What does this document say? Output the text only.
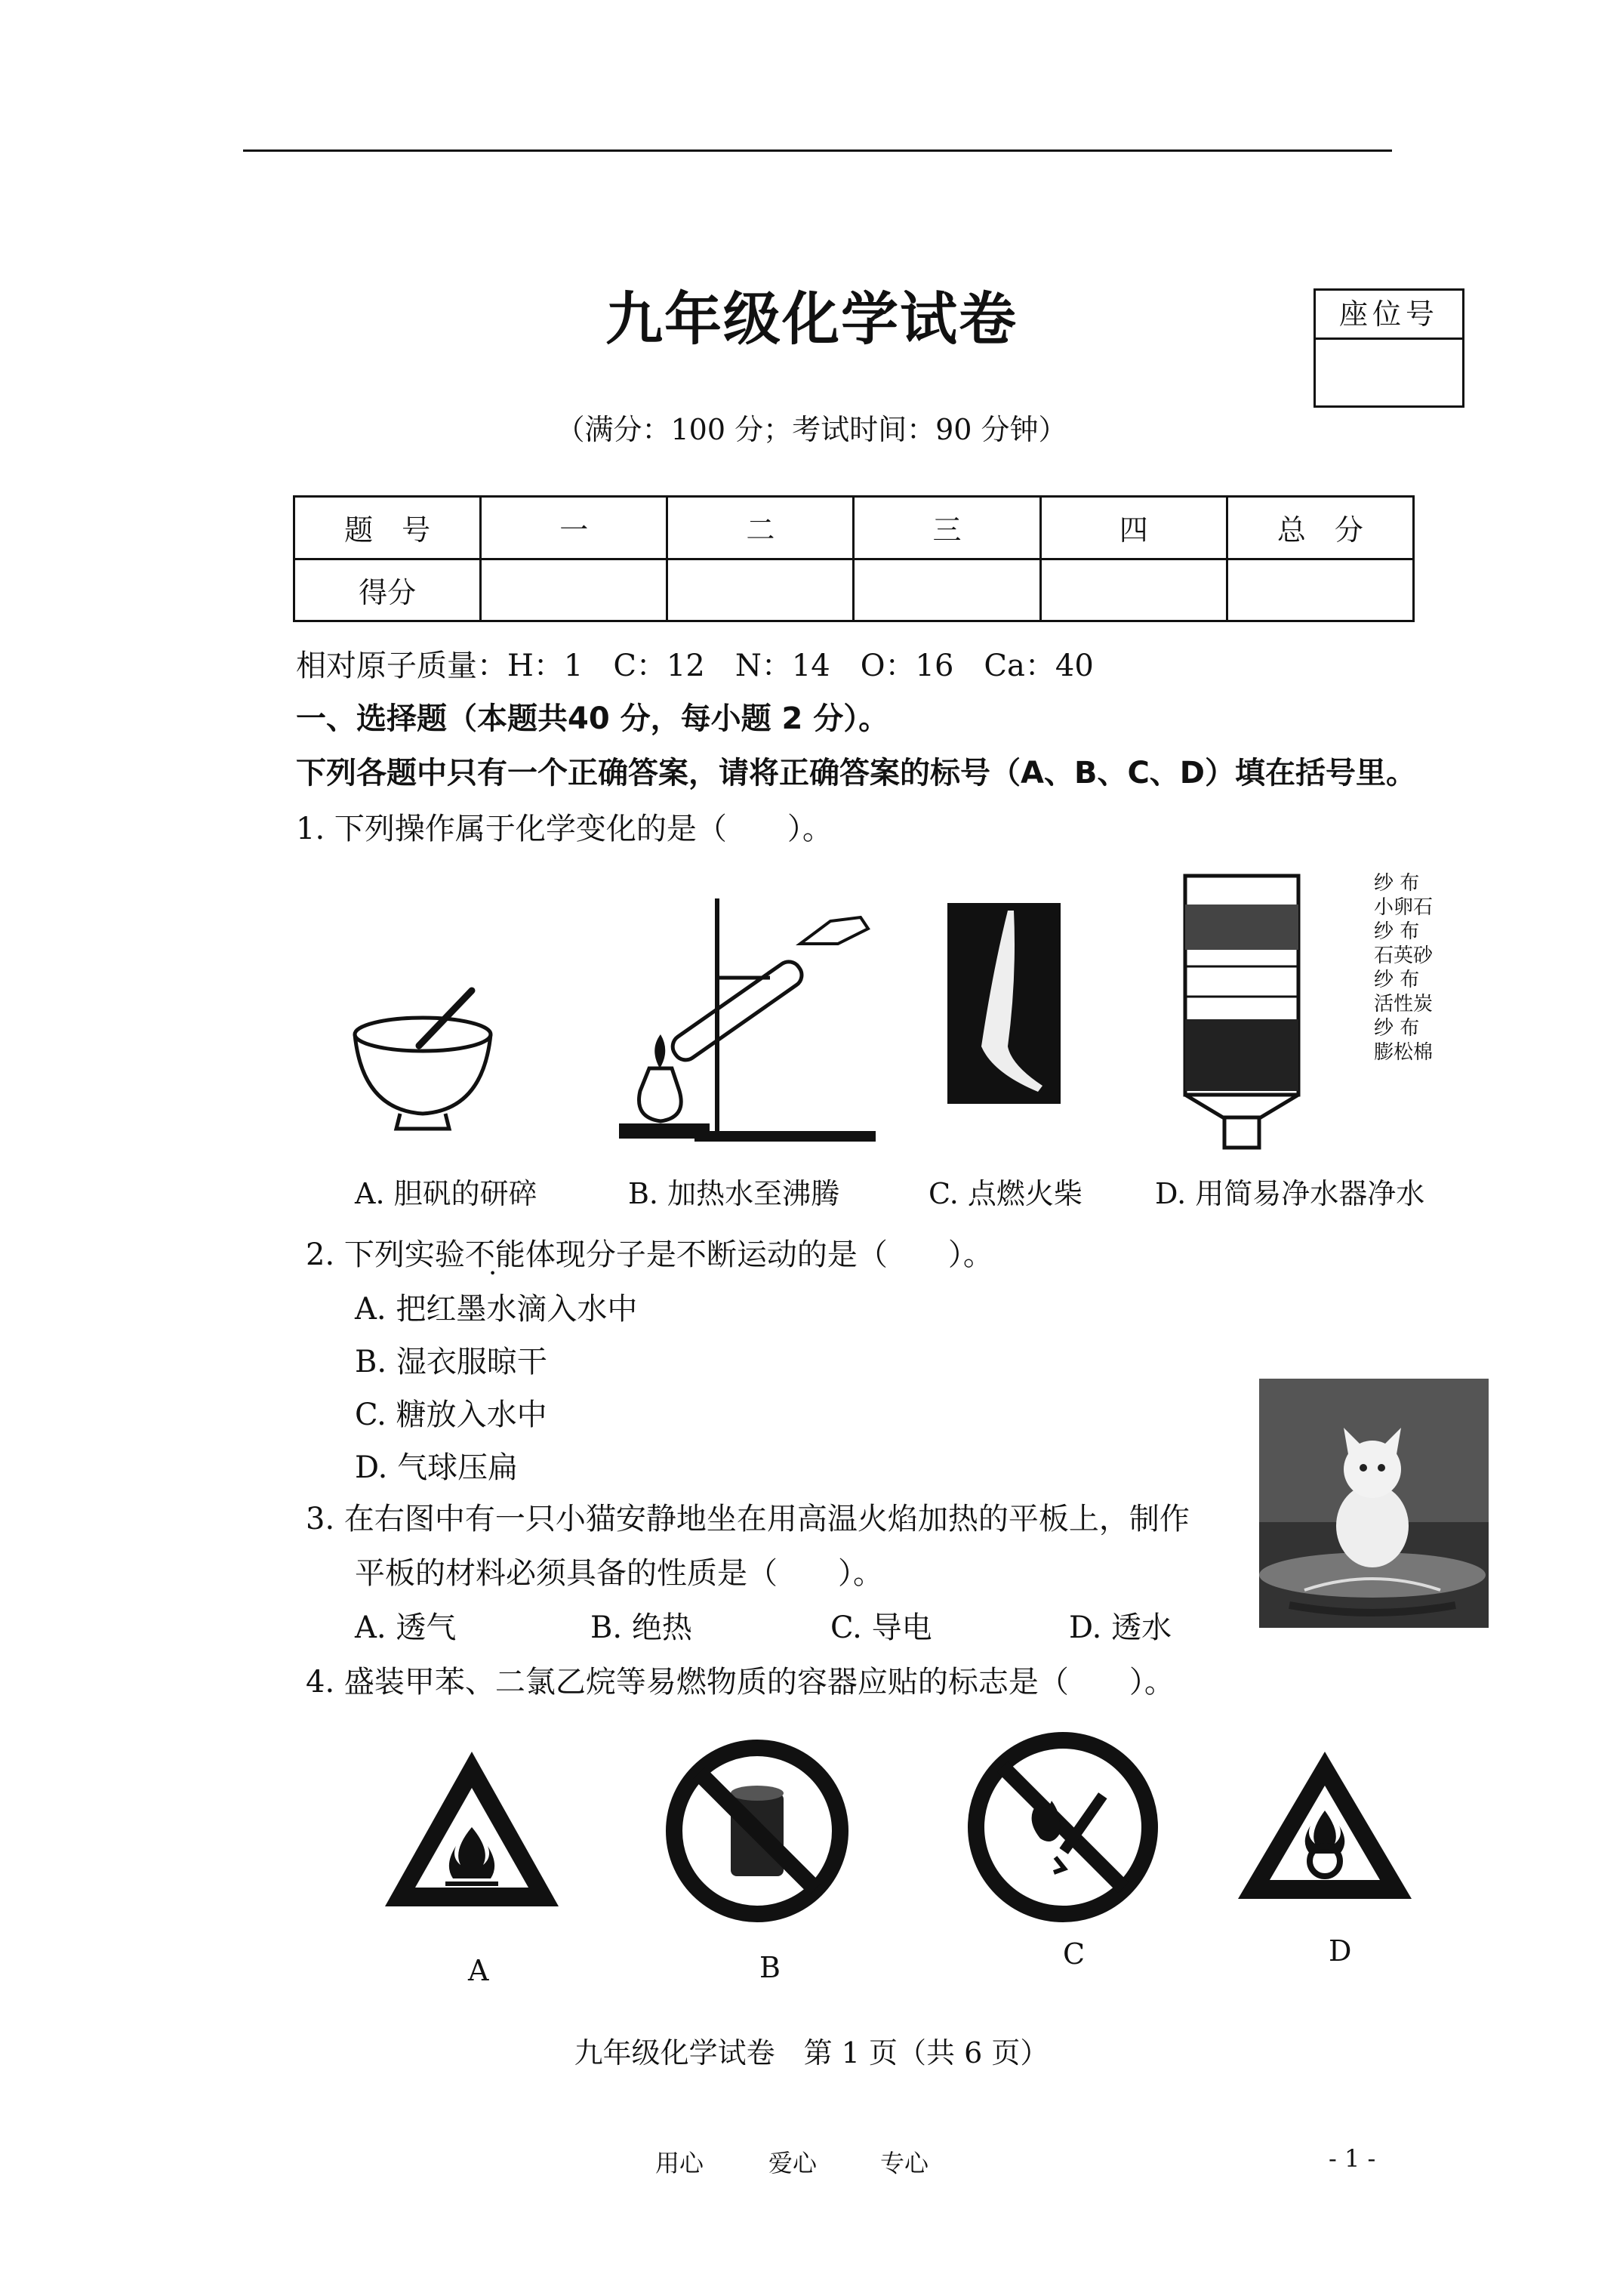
九年级化学试卷	座位号
（满分：100 分；考试时间：90 分钟）
题　号	一	二	三	四	总　分
得分					
相对原子质量：H：1　C：12　N：14　O：16　Ca：40
一、选择题（本题共40 分，每小题 2 分）。
下列各题中只有一个正确答案，请将正确答案的标号（A、B、C、D）填在括号里。
1. 下列操作属于化学变化的是（　　）。
纱 布
小卵石
纱 布
石英砂
纱 布
活性炭
纱 布
膨松棉
A. 胆矾的研碎	B. 加热水至沸腾	C. 点燃火柴	D. 用简易净水器净水
2. 下列实验不能体现分子是不断运动的是（　　）。
A. 把红墨水滴入水中
B. 湿衣服晾干
C. 糖放入水中
D. 气球压扁
3. 在右图中有一只小猫安静地坐在用高温火焰加热的平板上，制作
平板的材料必须具备的性质是（　　）。
A. 透气	B. 绝热	C. 导电	D. 透水
4. 盛装甲苯、二氯乙烷等易燃物质的容器应贴的标志是（　　）。
A	B	C	D
九年级化学试卷　第 1 页（共 6 页）
用心	爱心	专心	- 1 -
